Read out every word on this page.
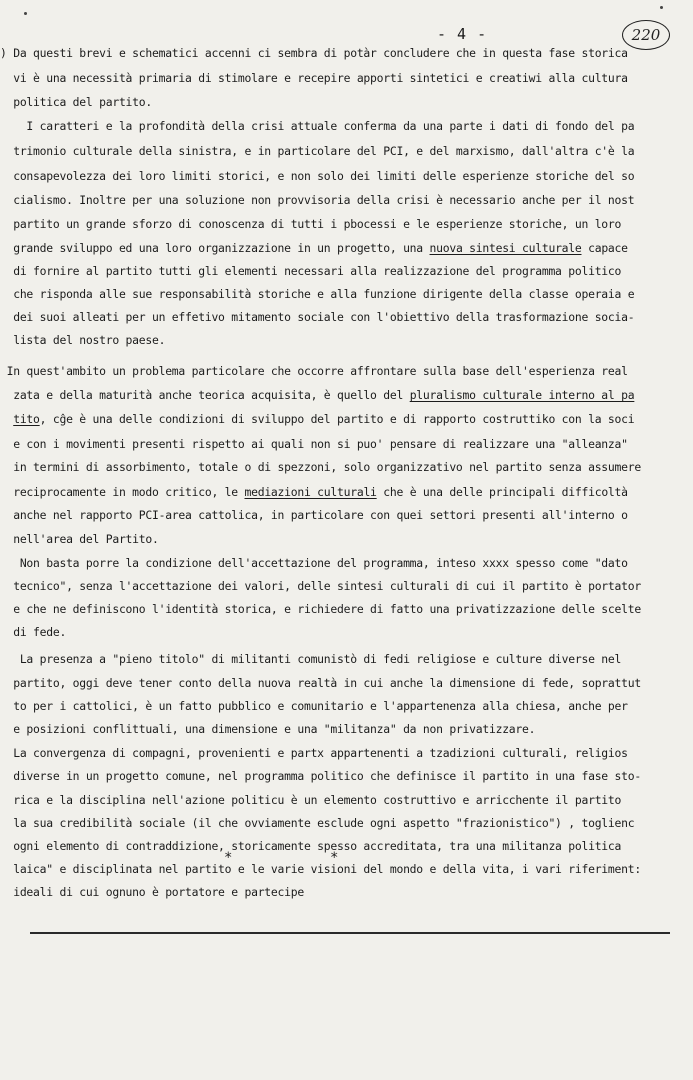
- 4 -	220
) Da questi brevi e schematici accenni ci sembra di potàr concludere che in questa fase storica
vi è una necessità primaria di stimolare e recepire apporti sintetici e creatiwi alla cultura
politica del partito.
I caratteri e la profondità della crisi attuale conferma da una parte i dati di fondo del pa
trimonio culturale della sinistra, e in particolare del PCI, e del marxismo, dall'altra c'è la
consapevolezza dei loro limiti storici, e non solo dei limiti delle esperienze storiche del so
cialismo. Inoltre per una soluzione non provvisoria della crisi è necessario anche per il nost
partito un grande sforzo di conoscenza di tutti i pbocessi e le esperienze storiche, un loro
grande sviluppo ed una loro organizzazione in un progetto, una nuova sintesi culturale capace
di fornire al partito tutti gli elementi necessari alla realizzazione del programma politico
che risponda alle sue responsabilità storiche e alla funzione dirigente della classe operaia e
dei suoi alleati per un effetivo mitamento sociale con l'obiettivo della trasformazione socia-
lista del nostro paese.
In quest'ambito un problema particolare che occorre affrontare sulla base dell'esperienza real
zata e della maturità anche teorica acquisita, è quello del pluralismo culturale interno al pa
tito, cĝe è una delle condizioni di sviluppo del partito e di rapporto costruttiko con la soci
e con i movimenti presenti rispetto ai quali non si puo' pensare di realizzare una "alleanza"
in termini di assorbimento, totale o di spezzoni, solo organizzativo nel partito senza assumere
reciprocamente in modo critico, le mediazioni culturali che è una delle principali difficoltà
anche nel rapporto PCI-area cattolica, in particolare con quei settori presenti all'interno o
nell'area del Partito.
Non basta porre la condizione dell'accettazione del programma, inteso xxxx spesso come "dato
tecnico", senza l'accettazione dei valori, delle sintesi culturali di cui il partito è portator
e che ne definiscono l'identità storica, e richiedere di fatto una privatizzazione delle scelte
di fede.
La presenza a "pieno titolo" di militanti comunistò di fedi religiose e culture diverse nel
partito, oggi deve tener conto della nuova realtà in cui anche la dimensione di fede, soprattut
to per i cattolici, è un fatto pubblico e comunitario e l'appartenenza alla chiesa, anche per
e posizioni conflittuali, una dimensione e una "militanza" da non privatizzare.
La convergenza di compagni, provenienti e partx appartenenti a tzadizioni culturali, religios
diverse in un progetto comune, nel programma politico che definisce il partito in una fase sto-
rica e la disciplina nell'azione politicu è un elemento costruttivo e arricchente il partito
la sua credibilità sociale (il che ovviamente esclude ogni aspetto "frazionistico") , toglienc
ogni elemento di contraddizione, storicamente spesso accreditata, tra una militanza politica
laica" e disciplinata nel partito e le varie visioni del mondo e della vita, i vari riferiment:
ideali di cui ognuno è portatore e partecipe
*	*
